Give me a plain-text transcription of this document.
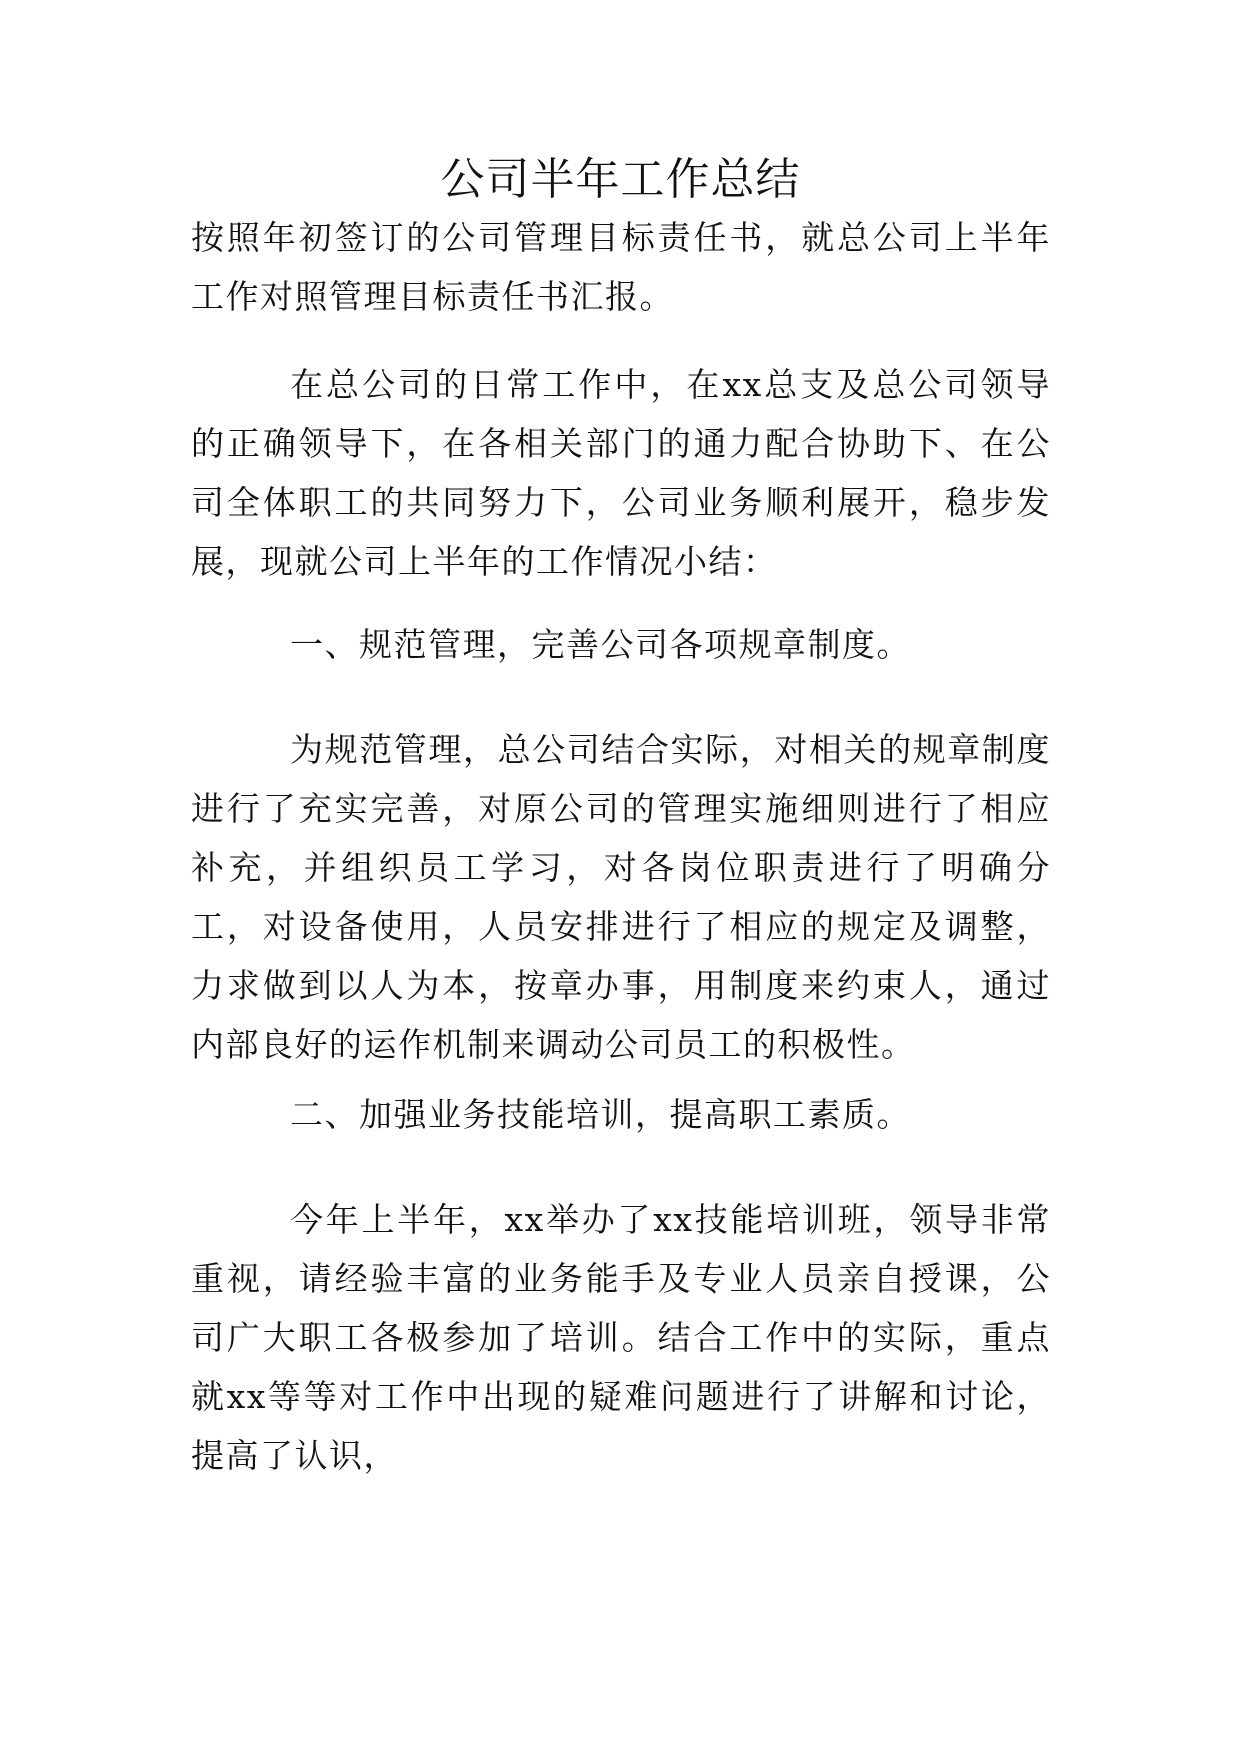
公司半年工作总结
按照年初签订的公司管理目标责任书，就总公司上半年工作对照管理目标责任书汇报。
在总公司的日常工作中，在xx总支及总公司领导的正确领导下，在各相关部门的通力配合协助下、在公司全体职工的共同努力下，公司业务顺利展开，稳步发展，现就公司上半年的工作情况小结：
一、规范管理，完善公司各项规章制度。
为规范管理，总公司结合实际，对相关的规章制度进行了充实完善，对原公司的管理实施细则进行了相应补充，并组织员工学习，对各岗位职责进行了明确分工，对设备使用，人员安排进行了相应的规定及调整，力求做到以人为本，按章办事，用制度来约束人，通过内部良好的运作机制来调动公司员工的积极性。
二、加强业务技能培训，提高职工素质。
今年上半年，xx举办了xx技能培训班，领导非常重视，请经验丰富的业务能手及专业人员亲自授课，公司广大职工各极参加了培训。结合工作中的实际，重点就xx等等对工作中出现的疑难问题进行了讲解和讨论，提高了认识，
